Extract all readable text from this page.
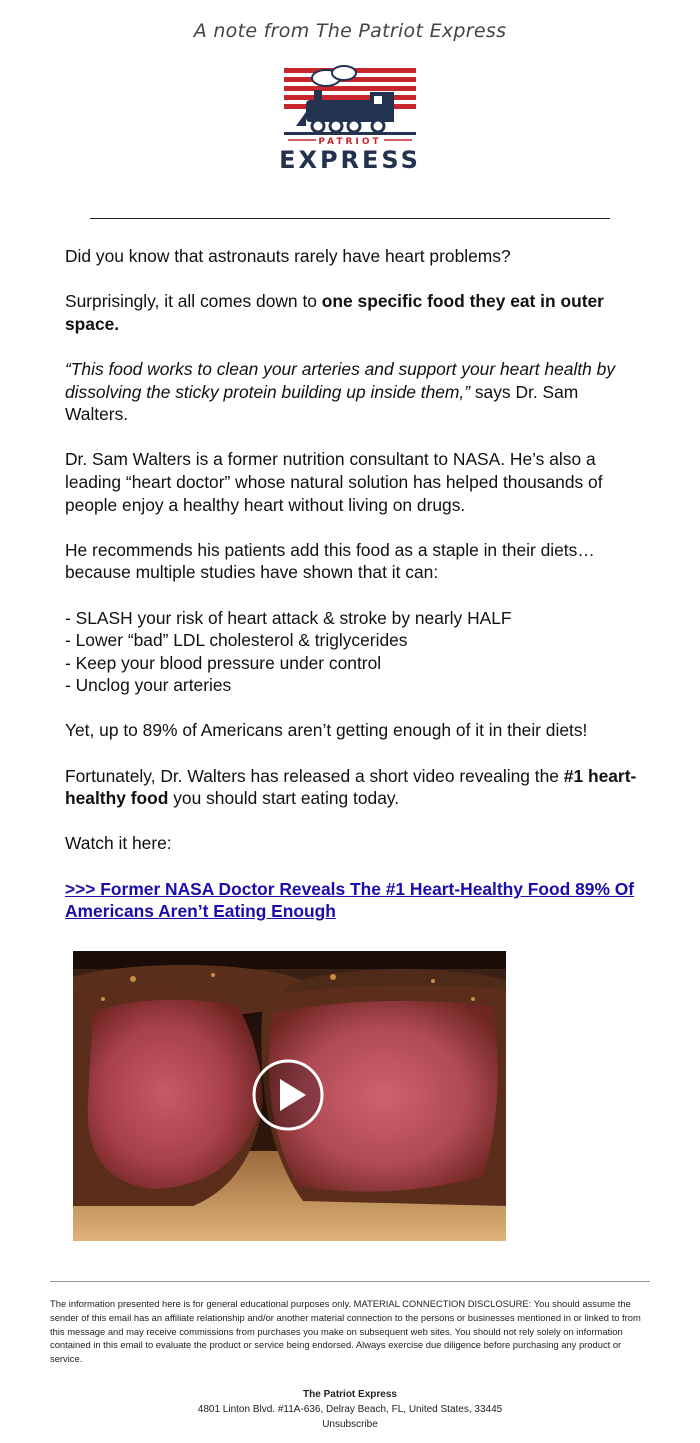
A note from The Patriot Express
PATRIOT
EXPRESS

Did you know that astronauts rarely have heart problems?

Surprisingly, it all comes down to one specific food they eat in outer space.

“This food works to clean your arteries and support your heart health by dissolving the sticky protein building up inside them,” says Dr. Sam Walters.

Dr. Sam Walters is a former nutrition consultant to NASA. He’s also a leading “heart doctor” whose natural solution has helped thousands of people enjoy a healthy heart without living on drugs.

He recommends his patients add this food as a staple in their diets… because multiple studies have shown that it can:

- SLASH your risk of heart attack & stroke by nearly HALF
- Lower “bad” LDL cholesterol & triglycerides
- Keep your blood pressure under control
- Unclog your arteries

Yet, up to 89% of Americans aren’t getting enough of it in their diets!

Fortunately, Dr. Walters has released a short video revealing the #1 heart-healthy food you should start eating today.

Watch it here:

>>> Former NASA Doctor Reveals The #1 Heart-Healthy Food 89% Of Americans Aren’t Eating Enough

The information presented here is for general educational purposes only. MATERIAL CONNECTION DISCLOSURE: You should assume the sender of this email has an affiliate relationship and/or another material connection to the persons or businesses mentioned in or linked to from this message and may receive commissions from purchases you make on subsequent web sites. You should not rely solely on information contained in this email to evaluate the product or service being endorsed. Always exercise due diligence before purchasing any product or service.
The Patriot Express
4801 Linton Blvd. #11A-636, Delray Beach, FL, United States, 33445
Unsubscribe
